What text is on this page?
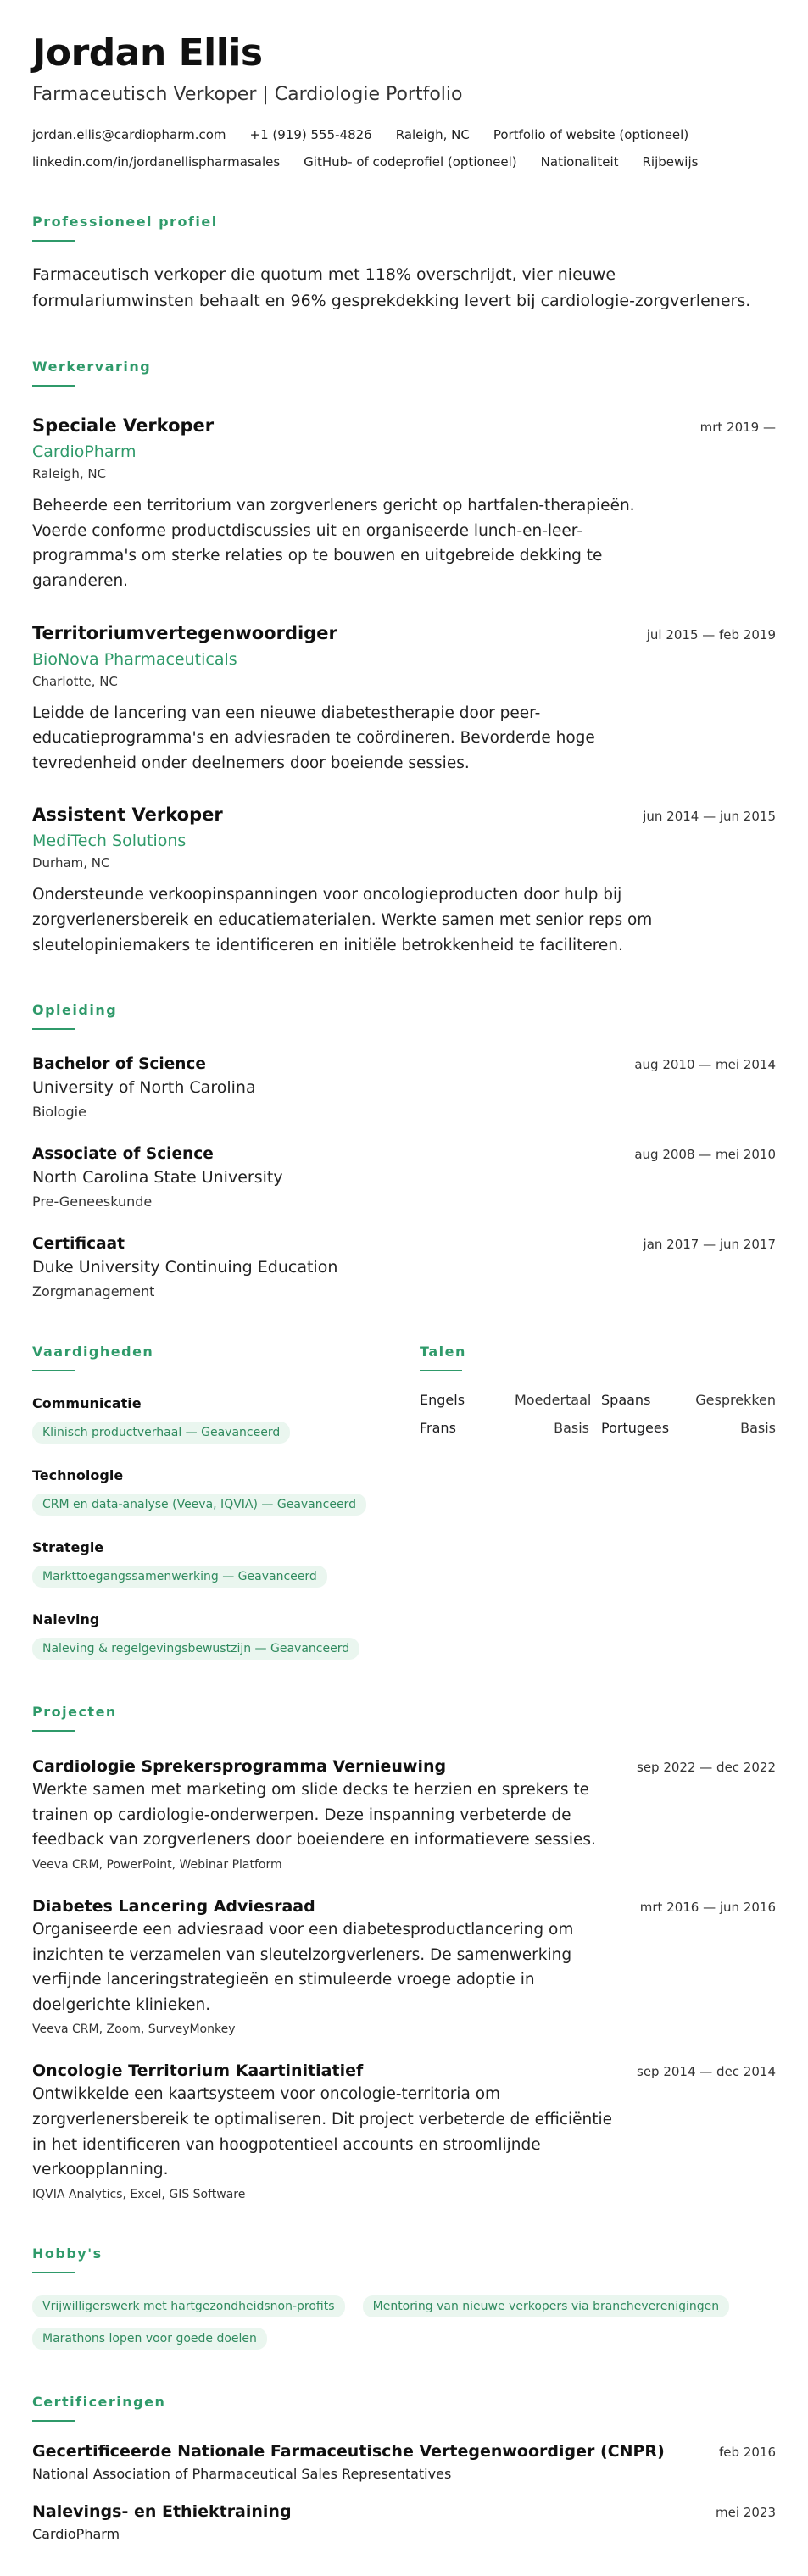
Jordan Ellis
Farmaceutisch Verkoper | Cardiologie Portfolio
jordan.ellis@cardiopharm.com +1 (919) 555-4826 Raleigh, NC Portfolio of website (optioneel)
linkedin.com/in/jordanellispharmasales GitHub- of codeprofiel (optioneel) Nationaliteit Rijbewijs
Professioneel profiel
Farmaceutisch verkoper die quotum met 118% overschrijdt, vier nieuwe formulariumwinsten behaalt en 96% gesprekdekking levert bij cardiologie-zorgverleners.
Werkervaring
Speciale Verkoper	mrt 2019 —
CardioPharm
Raleigh, NC
Beheerde een territorium van zorgverleners gericht op hartfalen-therapieën. Voerde conforme productdiscussies uit en organiseerde lunch-en-leer-programma's om sterke relaties op te bouwen en uitgebreide dekking te garanderen.
Territoriumvertegenwoordiger	jul 2015 — feb 2019
BioNova Pharmaceuticals
Charlotte, NC
Leidde de lancering van een nieuwe diabetestherapie door peer-educatieprogramma's en adviesraden te coördineren. Bevorderde hoge tevredenheid onder deelnemers door boeiende sessies.
Assistent Verkoper	jun 2014 — jun 2015
MediTech Solutions
Durham, NC
Ondersteunde verkoopinspanningen voor oncologieproducten door hulp bij zorgverlenersbereik en educatiematerialen. Werkte samen met senior reps om sleutelopiniemakers te identificeren en initiële betrokkenheid te faciliteren.
Opleiding
Bachelor of Science	aug 2010 — mei 2014
University of North Carolina
Biologie
Associate of Science	aug 2008 — mei 2010
North Carolina State University
Pre-Geneeskunde
Certificaat	jan 2017 — jun 2017
Duke University Continuing Education
Zorgmanagement
Vaardigheden
Communicatie
Klinisch productverhaal — Geavanceerd
Technologie
CRM en data-analyse (Veeva, IQVIA) — Geavanceerd
Strategie
Markttoegangssamenwerking — Geavanceerd
Naleving
Naleving & regelgevingsbewustzijn — Geavanceerd
Talen
Engels	Moedertaal Spaans	Gesprekken
Frans	Basis Portugees	Basis
Projecten
Cardiologie Sprekersprogramma Vernieuwing	sep 2022 — dec 2022
Werkte samen met marketing om slide decks te herzien en sprekers te trainen op cardiologie-onderwerpen. Deze inspanning verbeterde de feedback van zorgverleners door boeiendere en informatievere sessies.
Veeva CRM, PowerPoint, Webinar Platform
Diabetes Lancering Adviesraad	mrt 2016 — jun 2016
Organiseerde een adviesraad voor een diabetesproductlancering om inzichten te verzamelen van sleutelzorgverleners. De samenwerking verfijnde lanceringstrategieën en stimuleerde vroege adoptie in doelgerichte klinieken.
Veeva CRM, Zoom, SurveyMonkey
Oncologie Territorium Kaartinitiatief	sep 2014 — dec 2014
Ontwikkelde een kaartsysteem voor oncologie-territoria om zorgverlenersbereik te optimaliseren. Dit project verbeterde de efficiëntie in het identificeren van hoogpotentieel accounts en stroomlijnde verkoopplanning.
IQVIA Analytics, Excel, GIS Software
Hobby's
Vrijwilligerswerk met hartgezondheidsnon-profits	Mentoring van nieuwe verkopers via brancheverenigingen Marathons lopen voor goede doelen
Certificeringen
Gecertificeerde Nationale Farmaceutische Vertegenwoordiger (CNPR)	feb 2016
National Association of Pharmaceutical Sales Representatives
Nalevings- en Ethiektraining	mei 2023
CardioPharm
